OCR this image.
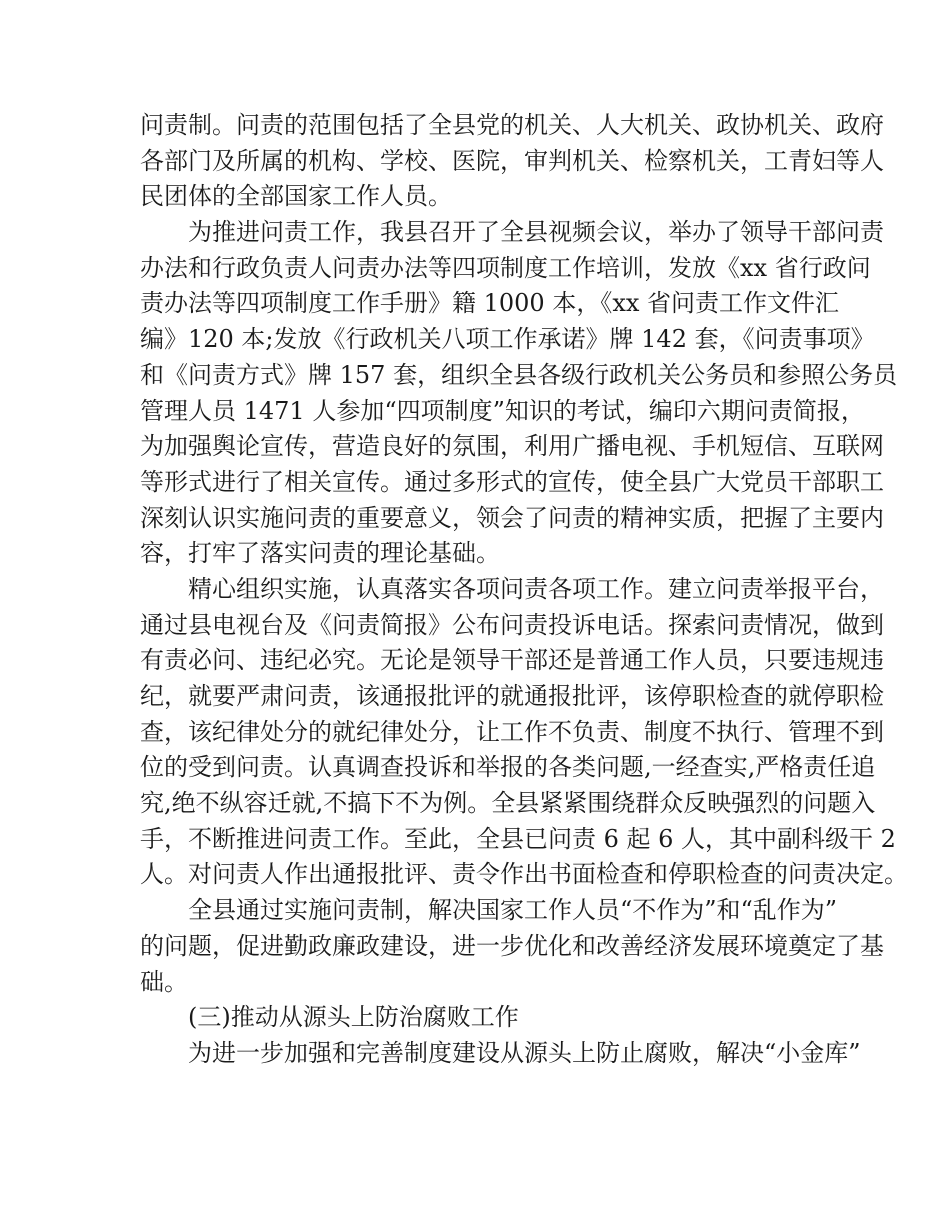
问责制。问责的范围包括了全县党的机关、人大机关、政协机关、政府
各部门及所属的机构、学校、医院，审判机关、检察机关，工青妇等人
民团体的全部国家工作人员。
为推进问责工作，我县召开了全县视频会议，举办了领导干部问责
办法和行政负责人问责办法等四项制度工作培训，发放《xx 省行政问
责办法等四项制度工作手册》籍 1000 本，《xx 省问责工作文件汇
编》120 本;发放《行政机关八项工作承诺》牌 142 套，《问责事项》
和《问责方式》牌 157 套，组织全县各级行政机关公务员和参照公务员
管理人员 1471 人参加“四项制度”知识的考试，编印六期问责简报，
为加强舆论宣传，营造良好的氛围，利用广播电视、手机短信、互联网
等形式进行了相关宣传。通过多形式的宣传，使全县广大党员干部职工
深刻认识实施问责的重要意义，领会了问责的精神实质，把握了主要内
容，打牢了落实问责的理论基础。
精心组织实施，认真落实各项问责各项工作。建立问责举报平台，
通过县电视台及《问责简报》公布问责投诉电话。探索问责情况，做到
有责必问、违纪必究。无论是领导干部还是普通工作人员，只要违规违
纪，就要严肃问责，该通报批评的就通报批评，该停职检查的就停职检
查，该纪律处分的就纪律处分，让工作不负责、制度不执行、管理不到
位的受到问责。认真调查投诉和举报的各类问题,一经查实,严格责任追
究,绝不纵容迁就,不搞下不为例。全县紧紧围绕群众反映强烈的问题入
手，不断推进问责工作。至此，全县已问责 6 起 6 人，其中副科级干 2
人。对问责人作出通报批评、责令作出书面检查和停职检查的问责决定。
全县通过实施问责制，解决国家工作人员“不作为”和“乱作为”
的问题，促进勤政廉政建设，进一步优化和改善经济发展环境奠定了基
础。
(三)推动从源头上防治腐败工作
为进一步加强和完善制度建设从源头上防止腐败，解决“小金库”
